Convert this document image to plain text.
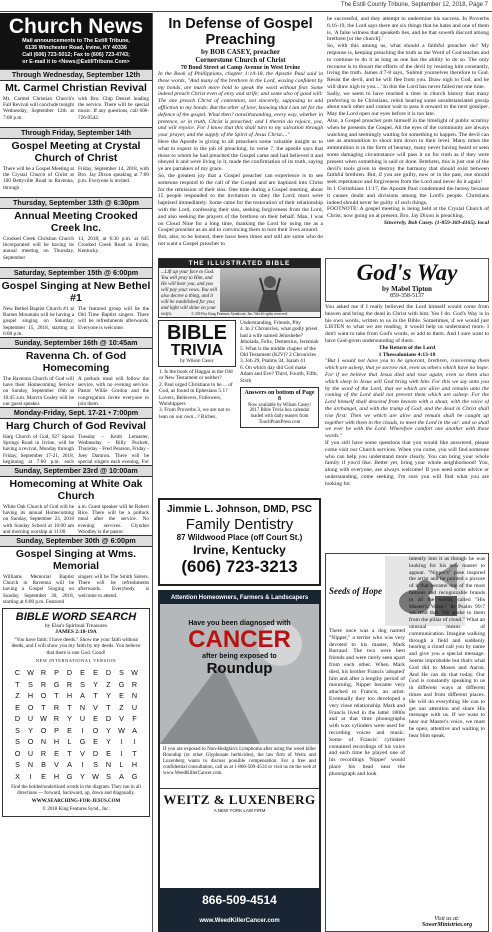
The Estill County Tribune, September 12, 2018, Page 7
Church News
Mail announcements to The Estill Tribune,
6135 Winchester Road, Irvine, KY 40336
Call (606) 723-5012; Fax to (606) 723-4743;
or E-mail it to <News@EstillTribune.Com>
Through Wednesday, September 12th
Mt. Carmel Christian Revival
Mt. Carmel Christian Church's Fall Revival will conclude tonight Wednesday, September 12th at 7:00 p.m.
with Bro. Chip Denzel leading the service. There will be special music. If any questions, call 606-726-9542.
Through Friday, September 14th
Gospel Meeting at Crystal Church of Christ
There will be a Gospel Meeting at the Crystal Church of Christ at 100 Bettyville Road in Ravenna, through
Friday, September 14, 2018, with Bro. Jay Dixon speaking at 7:00 p.m. Everyone is invited.
Thursday, September 13th @ 6:30pm
Annual Meeting Crooked Creek Inc.
Crooked Creek Christian Church Incorporated will be having its annual meeting on Thursday, September
13, 2018, at 6:30 p.m. at 645 Crooked Creek Road in Irvine, Kentucky.
Saturday, September 15th @ 6:00pm
Gospel Singing at New Bethel #1
New Bethel Baptist Church #1 at Barnes Mountain will be having a gospel singing on Saturday, September 15, 2018, starting at 6:00 p.m.
The featured group will be the Old Time Baptist singers. There will be refreshments afterwards. Everyone is welcome.
Sunday, September 16th @ 10:45am
Ravenna Ch. of God Homecoming
The Ravenna Church of God will have their Homecoming Service on Sunday, September 16th at 10:45 a.m. Marvin Cosley will be our guest speaker.
A potluck meal will follow the service, with no evening service. Pastor Willie Gordon and the congregation invite everyone to join them.
Monday-Friday, Sept. 17-21 • 7:00pm
Harg Church of God Revival
Harg Church of God, 927 Spout Springs Road in Irvine, will be having a revival, Monday through Friday, September 17-21, 2018, beginning at 7:00 p.m. each
Tuesday - Keith Lemaster, Wednesday - Billy Puckett, Thursday - Fred Pearson, Friday - Joey Damron. There will be special singers each evening. For
Sunday, September 23rd @ 10:00am
Homecoming at White Oak Church
White Oak Church of God will be having its annual Homecoming on Sunday, September 23, 2018 with Sunday School at 10:00 am and morning worship at 11:00
a.m. Guest speaker will be Robert Rice. There will be a potluck meal after the service. No evening services. Glyndon Woodley is the pastor.
Sunday, September 30th @ 6:00pm
Gospel Singing at Wms. Memorial
Williams Memorial Baptist Church in Ravenna will be having a Gospel Singing on Sunday, September 30, 2018, starting at 6:00 p.m. Featured
singers will be The Smith Sisters. There will be refreshments afterwards. Everybody is welcome to attend.
BIBLE WORD SEARCH
by Elsa's Spiritual Treasures
JAMES 2:18-19A
"You have faith; I have deeds." Show me your faith without deeds, and I will show you my faith by my deeds. You believe that there is one God. Good!
NEW INTERNATIONAL VERSION
C W R	P	D	E	E	D	S	W
T	S	R	G	R	S	Y	Z	G	R
Z	H	O	T	H	A	T	Y	E	N
E	O	T	R	T	N	V	T	Z	U
D	U W R	Y	U	E	D	V	F
S	Y	O	P	E	I	O	Y	W	A
S	O	N	H	L	G	E	Y	I	I
O	U	R	E	T	V	D	E	I	T
S	N	B	V	A	I	S	N	L	H
X	I	E	H	G	Y	W	S	A	G
Find the bolded/underlined words in the diagram. They run in all directions — forward, backward, up, down and diagonally.
WWW.SEARCHING-FOR-JESUS.COM
© 2018 King Features Synd., Inc.
In Defense of Gospel Preaching
by BOB CASEY, preacher
Cornerstone Church of Christ
70 Bond Street at Camp Avenue in West Irvine

In the Book of Phillippians, chapter 1:14-18, the Apostle Paul said in these words, "And many of the brethren in the Lord, waxing confident by my bonds, are much more bold to speak the word without fear. Some indeed preach Christ even of envy and strife; and some also of good will: The one preach Christ of contention, not sincerely, supposing to add affliction to my bonds: But the other of love, knowing that I am set for the defence of the gospel. What then? notwithstanding, every way, whether in pretence, or in truth, Christ is preached; and I therein do rejoice, yea, and will rejoice. For I know that this shall turn to my salvation through your prayer, and the supply of the Spirit of Jesus Christ...."

Here the Apostle is giving to all preachers some valuable insight as to what to expect in the job of preaching. In verse 7, the apostle says that those to whom he had preached the Gospel came and had believed it and obeyed it and were living in it, made the confirmation of its truth, saying ye are partakers of my grace.

So, the greatest joy that a Gospel preacher can experience is to see someone respond to the call of the Gospel and are baptized into Christ for the remission of their sins. One time during a Gospel meeting, about 15 people responded to the invitation to obey the Lord; most were baptized immediately. Some came for the restoration of their relationship with the Lord, confessing their sins, seeking forgiveness from the Lord, and also seeking the prayers of the brethren on their behalf. Man, I was on Cloud Nine for a long time, thanking the Lord for using me as a Gospel preacher as an aid in convincing them to turn their lives around.

But, also, to be honest, there have been times and still are some who do not want a Gospel preacher to

be successful, and they attempt to undermine his success. In Proverbs 6:16-19, the Lord says there are six things that he hates and one of them is, 'A false witness that speaketh lies, and he that soweth discord among brethren [or the church].'

So, with this among us, what should a faithful preacher do? My response is, keeping preaching the truth as the Word of God teaches and to continue to do it as long as one has the ability to do so. The only recourse is to thwart the efforts of the devil by resisting him constantly, living the truth. James 4:7-8 says, 'Submit yourselves therefore to God. Resist the devil, and he will flee from you. Draw nigh to God, and he will draw nigh to you....' In this the Lord has never failed me one time.

Sadly, we seem to have reached a time in church history that many preferring to be Christians, relish hearing some unsubstantiated gossip about each other and cannot wait to pass it onward to the next gossiper. May the Lord open our eyes before it is too late.

Also, a Gospel preacher puts himself in the limelight of public scrutiny when he presents the Gospel. All the eyes of the community are always watching and seemingly waiting for something to happen. The devil can use as ammunition to shoot him down to their level. Many times the ammunition is in the form of hearsay, many never having heard or seen some damaging circumstance will pass it on for truth as if they were present when something is said or done. Brethren, this is just one of the devil's tools given to destroy the harmony that should exist between faithful brethren. But, if you are guilty, now or in the past, one should seek repentance and forgiveness from the Lord and never do it again!

In 1 Corinthians 11:17, the Apostle Paul condemned the heresy because it causes doubt and divisions among the Lord's people. Christians indeed should never be guilty of such things.

FOOTNOTE: A gospel meeting is being held at the Crystal Church of Christ, now going on at present. Bro. Jay Dixon is preaching.

Sincerely, Bob Casey. (1-859-369-4165). local

THE ILLUSTRATED BIBLE
...Lift up your face to God. You will pray to Him, and He will hear you, and you will pay your vows. You will also decree a thing, and it will be established for you; and light will shine on your ways.	© 2018 by King Features Syndicate, Inc. World rights reserved.
BIBLE
TRIVIA
by Wilson Casey

1. Is the book of Haggai in the Old or New Testament or neither?

2. Paul urged Christians to be ... of God, as found in Ephesians 5:1? Lovers, Believers, Followers, Worshippers

3. From Proverbs 3, we are not to lean on our own...? Riches,

Understanding, Friends, Pity

4. In 2 Chronicles, what godly priest had a wife named Jehoshebe? Jehoiada, Felix, Demetrius, Jeremiah

5. What is the middle chapter of the Old Testament (KJV)? 2 Chronicles 3, Job 29, Psalms 34, Isaiah 41

6. On which day did God make Adam and Eve? Third, Fourth, Fifth, Sixth

Answers on bottom of Page 8
Now available by Wilson Casey! 2017 Bible Trivia box calendar loaded with daily teasers from TouchPointPress.com
God's Way
by Mabel Tipton
859-358-5137

You asked me if I really believed the Lord himself would come from heaven and bring the dead in Christ with him. Yes I do. God's Way is in his own words, written to us in the Bible. Sometimes, if we would just LISTEN to what we are reading, it would help us understand more. I don't want to take from God's words, or add to them. And I sure want to have God-given understanding of them.

The Return of the Lord

1 Thessalonians 4:13-18

"But I would not have you to be ignorant, brethren, concerning them which are asleep, that ye sorrow not, even as others which have no hope. For if we believe that Jesus died and rose again, even so them also which sleep in Jesus will God bring with him. For this we say unto you by the word of the Lord, that we which are alive and remain unto the coming of the Lord shall not prevent them which are asleep. For the Lord himself shall descend from heaven with a shout, with the voice of the archangel, and with the trump of God: and the dead in Christ shall rise first: Then we which are alive and remain shall be caught up together with them in the clouds, to meet the Lord in the air: and so shall we ever be with the Lord. Wherefore comfort one another with these words."

If you still have some questions that you would like answered, please come visit our Church services. When you come, you will find someone who can help you understand more clearly. You can bring your whole family if you'd like. Better yet, bring your whole neighborhood! You, along with everyone, are always welcome! If you need some advice or understanding, come seeking. I'm sure you will find what you are looking for.

Jimmie L. Johnson, DMD, PSC
Family Dentistry
87 Wildwood Place (off Court St.)
Irvine, Kentucky
(606) 723-3213
Attention Homeowners, Farmers & Landscapers
Have you been diagnosed with
CANCER
after being exposed to
Roundup
If you are exposed to Non-Hodgkin's Lymphoma after using the weed killer Roundup (or other Glyphosate herbicides), the law firm of Weitz and Luxenberg wants to discuss possible compensation. For a free and confidential consultation, call us at 1-866-509-4514 or visit us on the web at www.WeedKillerCancer.com.
WEITZ & LUXENBERG
A NEW YORK LAW FIRM
866-509-4514 www.WeedKillerCancer.com
Seeds of Hope
There once was a dog named "Nipper," a terrier who was very devoted to his master, Mark Barraud. The two were best friends and were rarely seen apart from each other. When Mark died, his brother Francis 'adopted' him and after a lengthy period of mourning, Nipper became very attached to Francis, an artist. Eventually they too developed a very close relationship. Mark and Francis lived in the latter 1800s and at that time phonographs with wax cylinders were used for recording voices and music. Some of Francis' cylinders contained recordings of his voice and each time he played one of his recordings 'Nipper' would place his head near the phonograph and look
intently into it as though he was looking for his new master to appear. "Nipper's" pose inspired the artist and he painted a picture of it that became one of the most famous and recognizable brands in all the world, called "His Master's Voice." In Psalm 99:7 we read that "He spoke to them from the pillar of cloud." What an unusual means of communication. Imagine walking through a field and suddenly hearing a cloud call you by name and give you a special message. Seems improbable but that's what God did to Moses and Aaron. And He can do that today. Our God is constantly speaking to us in different ways at different times and from different places. He will do everything He can to get our attention and share His message with us. If we want to hear our Master's voice, we must be open, attentive and waiting to hear Him speak.
Visit us at:
SowerMinistries.org
